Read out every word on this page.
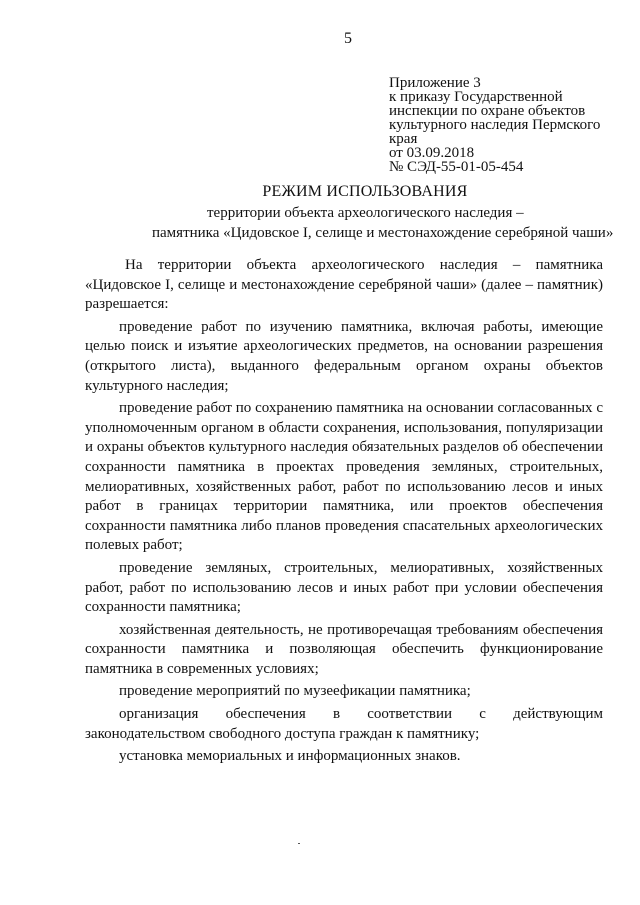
5
Приложение 3
к приказу Государственной
инспекции по охране объектов
культурного наследия Пермского
края
от 03.09.2018
№ СЭД-55-01-05-454
РЕЖИМ ИСПОЛЬЗОВАНИЯ
территории объекта археологического наследия –
памятника «Цидовское I, селище и местонахождение серебряной чаши»

На территории объекта археологического наследия – памятника «Цидовское I, селище и местонахождение серебряной чаши» (далее – памятник) разрешается:

проведение работ по изучению памятника, включая работы, имеющие целью поиск и изъятие археологических предметов, на основании разрешения (открытого листа), выданного федеральным органом охраны объектов культурного наследия;

проведение работ по сохранению памятника на основании согласованных с уполномоченным органом в области сохранения, использования, популяризации и охраны объектов культурного наследия обязательных разделов об обеспечении сохранности памятника в проектах проведения земляных, строительных, мелиоративных, хозяйственных работ, работ по использованию лесов и иных работ в границах территории памятника, или проектов обеспечения сохранности памятника либо планов проведения спасательных археологических полевых работ;

проведение земляных, строительных, мелиоративных, хозяйственных работ, работ по использованию лесов и иных работ при условии обеспечения сохранности памятника;

хозяйственная деятельность, не противоречащая требованиям обеспечения сохранности памятника и позволяющая обеспечить функционирование памятника в современных условиях;

проведение мероприятий по музеефикации памятника;

организация обеспечения в соответствии с действующим законодательством свободного доступа граждан к памятнику;

установка мемориальных и информационных знаков.
